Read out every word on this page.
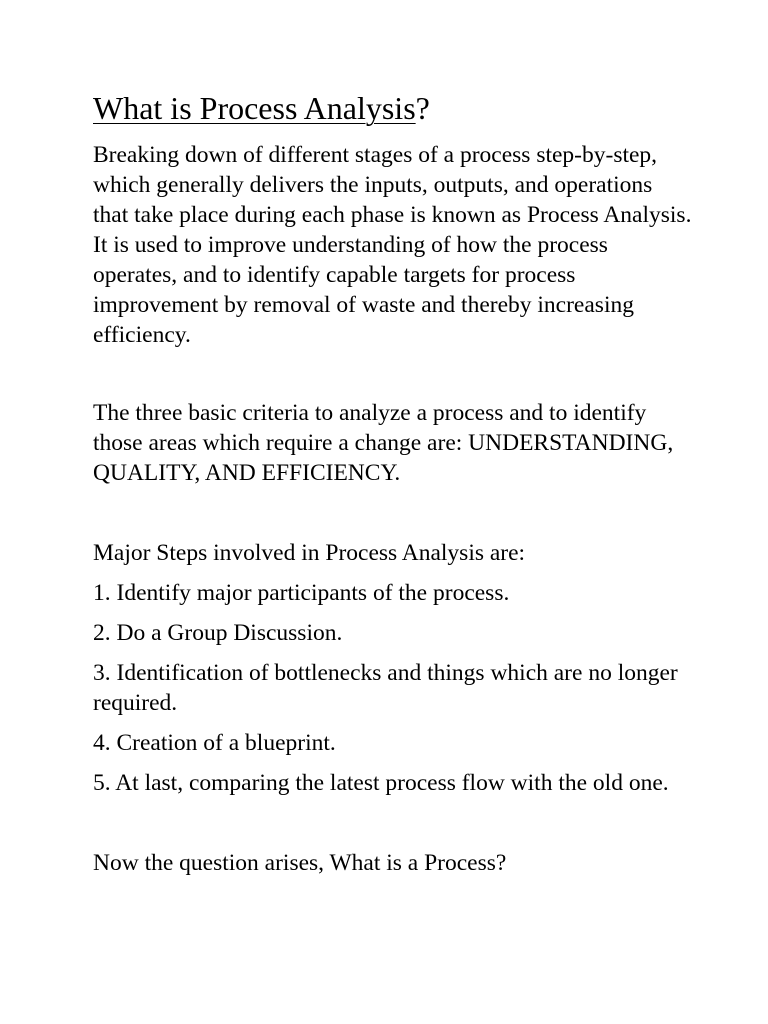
What is Process Analysis?

Breaking down of different stages of a process step-by-step, which generally delivers the inputs, outputs, and operations that take place during each phase is known as Process Analysis. It is used to improve understanding of how the process operates, and to identify capable targets for process improvement by removal of waste and thereby increasing efficiency.

The three basic criteria to analyze a process and to identify those areas which require a change are: UNDERSTANDING, QUALITY, AND EFFICIENCY.

Major Steps involved in Process Analysis are:

1. Identify major participants of the process.

2. Do a Group Discussion.

3. Identification of bottlenecks and things which are no longer required.

4. Creation of a blueprint.

5. At last, comparing the latest process flow with the old one.

Now the question arises, What is a Process?
